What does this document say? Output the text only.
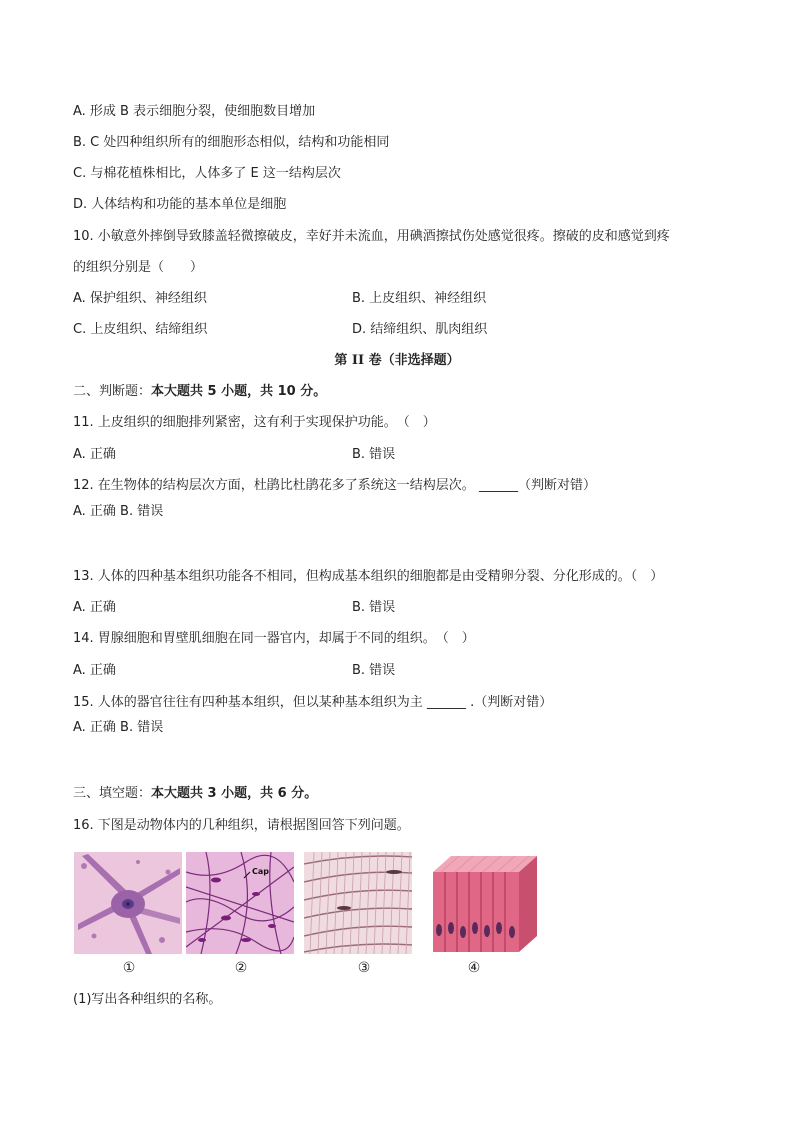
A. 形成 B 表示细胞分裂，使细胞数目增加
B. C 处四种组织所有的细胞形态相似，结构和功能相同
C. 与棉花植株相比，人体多了 E 这一结构层次
D. 人体结构和功能的基本单位是细胞
10. 小敏意外摔倒导致膝盖轻微擦破皮，幸好并未流血，用碘酒擦拭伤处感觉很疼。擦破的皮和感觉到疼
的组织分别是（　　）
A. 保护组织、神经组织	B. 上皮组织、神经组织
C. 上皮组织、结缔组织	D. 结缔组织、肌肉组织
第 II 卷（非选择题）
二、判断题：本大题共 5 小题，共 10 分。
11. 上皮组织的细胞排列紧密，这有利于实现保护功能。　（　）
A. 正确	B. 错误
12. 在生物体的结构层次方面，杜鹃比杜鹃花多了系统这一结构层次。 ______（判断对错）
A. 正确 B. 错误
13. 人体的四种基本组织功能各不相同，但构成基本组织的细胞都是由受精卵分裂、分化形成的。（　）
A. 正确	B. 错误
14. 胃腺细胞和胃壁肌细胞在同一器官内，却属于不同的组织。　（　）
A. 正确	B. 错误
15. 人体的器官往往有四种基本组织，但以某种基本组织为主 ______ .（判断对错）
A. 正确 B. 错误
三、填空题：本大题共 3 小题，共 6 分。
16. 下图是动物体内的几种组织，请根据图回答下列问题。
Cap
①	②	③	④
(1)写出各种组织的名称。
